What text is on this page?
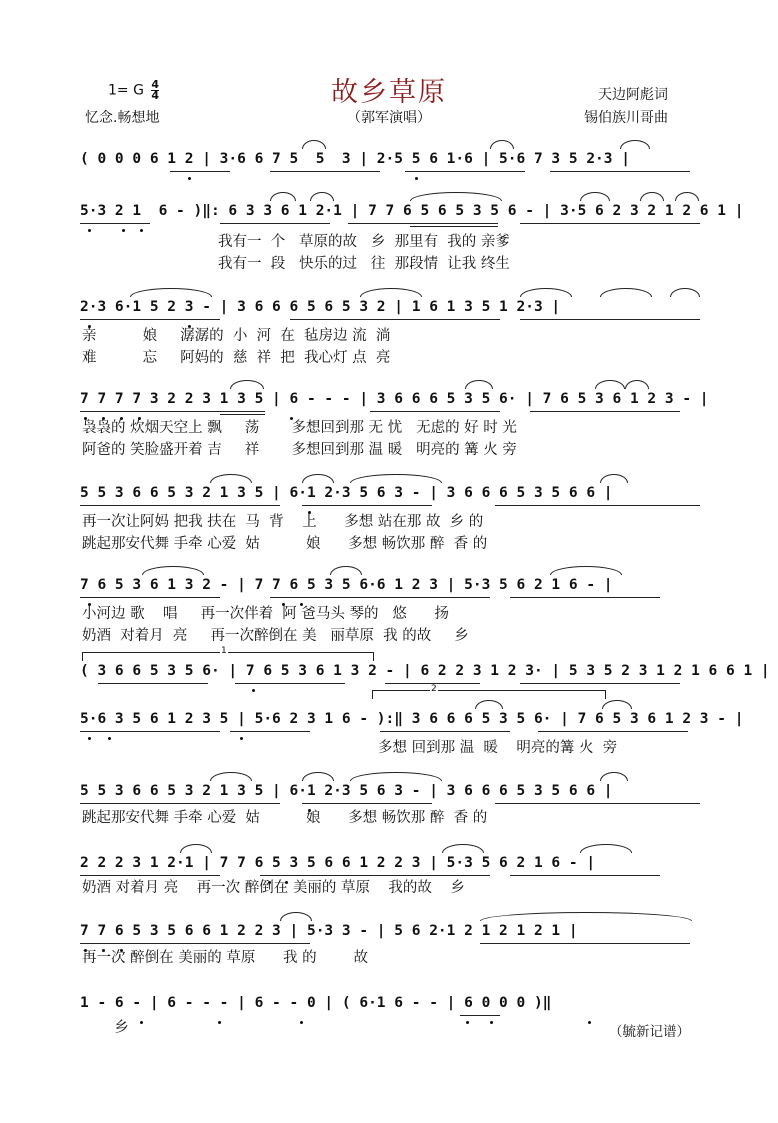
1= G $\frac{4}{4}$
忆念.畅想地
故乡草原
（郭军演唱）
天边阿彪词
锡伯族川哥曲
( 0 0 0 6 1 2 | 3·6 6 7 5  5  3 | 2·5 5 6 1·6 | 5·6 7 3 5 2·3 |
5·3 2 1  6 - )‖: 6 3 3 6 1 2·1 | 7 7 6 5 6 5 3 5 6 - | 3·5 6 2 3 2 1 2 6 1 |
我有一  个   草原的故   乡  那里有  我的 亲爹
我有一  段   快乐的过   往  那段情  让我 终生
2·3 6·1 5 2 3 - | 3 6 6 6 5 6 5 3 2 | 1 6 1 3 5 1 2·3 |
亲          娘     潺潺的  小  河  在  毡房边 流  淌
难          忘     阿妈的  慈  祥  把  我心灯 点  亮
7 7 7 7 3 2 2 3 1 3 5 | 6 - - - | 3 6 6 6 5 3 5 6· | 7 6 5 3 6 1 2 3 - |
袅袅的 炊烟天空上 飘     荡       多想回到那 无 忧   无虑的 好 时 光
阿爸的 笑脸盛开着 吉     祥       多想回到那 温 暖   明亮的 篝 火 旁
5 5 3 6 6 5 3 2 1 3 5 | 6·1 2·3 5 6 3 - | 3 6 6 6 5 3 5 6 6 |
再一次让阿妈 把我 扶在  马  背    上      多想 站在那 故  乡 的
跳起那安代舞 手牵 心爱  姑          娘      多想 畅饮那 醉  香 的
7 6 5 3 6 1 3 2 - | 7 7 6 5 3 5 6·6 1 2 3 | 5·3 5 6 2 1 6 - |
小河边 歌    唱     再一次伴着  阿 爸马头 琴的   悠      扬
奶酒  对着月  亮     再一次醉倒在 美   丽草原  我 的故     乡
1
( 3 6 6 5 3 5 6· | 7 6 5 3 6 1 3 2 - | 6 2 2 3 1 2 3· | 5 3 5 2 3 1 2 1 6 6 1 |
2
5·6 3 5 6 1 2 3 5 | 5·6 2 3 1 6 - ):‖ 3 6 6 6 5 3 5 6· | 7 6 5 3 6 1 2 3 - |
多想 回到那 温  暖    明亮的篝 火  旁
5 5 3 6 6 5 3 2 1 3 5 | 6·1 2·3 5 6 3 - | 3 6 6 6 5 3 5 6 6 |
跳起那安代舞 手牵 心爱  姑          娘      多想 畅饮那 醉  香 的
2 2 2 3 1 2·1 | 7 7 6 5 3 5 6 6 1 2 2 3 | 5·3 5 6 2 1 6 - |
奶酒 对着月 亮    再一次 醉倒在 美丽的 草原    我的故    乡
7 7 6 5 3 5 6 6 1 2 2 3 | 5·3 3 - | 5 6 2·1 2 1 2 1 2 1 |
再一次 醉倒在 美丽的 草原      我 的        故
1 - 6 - | 6 - - - | 6 - - 0 | ( 6·1 6 - - | 6 0 0 0 )‖
乡	（毓新记谱）
